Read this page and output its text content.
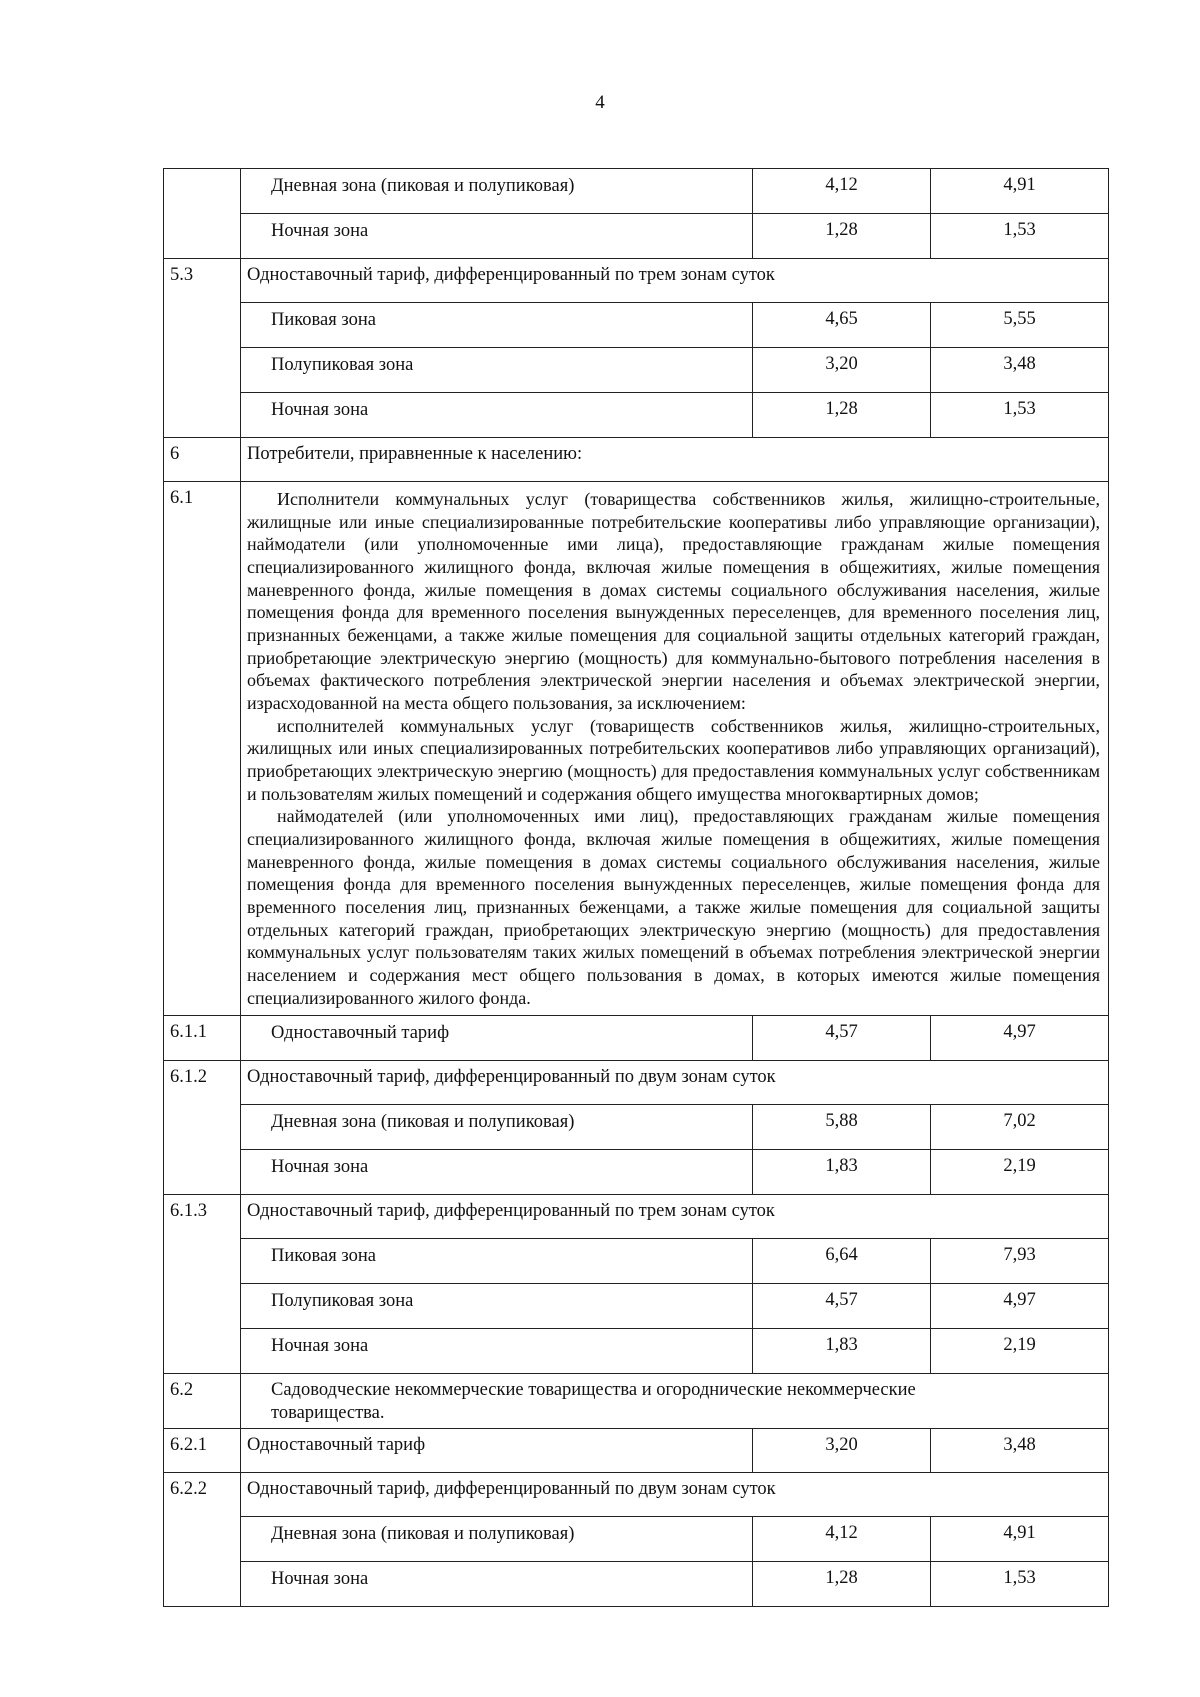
4
	Дневная зона (пиковая и полупиковая)	4,12	4,91
	Ночная зона	1,28	1,53
5.3	Одноставочный тариф, дифференцированный по трем зонам суток		
	Пиковая зона	4,65	5,55
	Полупиковая зона	3,20	3,48
	Ночная зона	1,28	1,53
6	Потребители, приравненные к населению:		
6.1	Исполнители коммунальных услуг (товарищества собственников жилья, жилищно-строительные, жилищные или иные специализированные потребительские кооперативы либо управляющие организации), наймодатели (или уполномоченные ими лица), предоставляющие гражданам жилые помещения специализированного жилищного фонда, включая жилые помещения в общежитиях, жилые помещения маневренного фонда, жилые помещения в домах системы социального обслуживания населения, жилые помещения фонда для временного поселения вынужденных переселенцев, для временного поселения лиц, признанных беженцами, а также жилые помещения для социальной защиты отдельных категорий граждан, приобретающие электрическую энергию (мощность) для коммунально-бытового потребления населения в объемах фактического потребления электрической энергии населения и объемах электрической энергии, израсходованной на места общего пользования, за исключением:

исполнителей коммунальных услуг (товариществ собственников жилья, жилищно-строительных, жилищных или иных специализированных потребительских кооперативов либо управляющих организаций), приобретающих электрическую энергию (мощность) для предоставления коммунальных услуг собственникам и пользователям жилых помещений и содержания общего имущества многоквартирных домов;

наймодателей (или уполномоченных ими лиц), предоставляющих гражданам жилые помещения специализированного жилищного фонда, включая жилые помещения в общежитиях, жилые помещения маневренного фонда, жилые помещения в домах системы социального обслуживания населения, жилые помещения фонда для временного поселения вынужденных переселенцев, жилые помещения фонда для временного поселения лиц, признанных беженцами, а также жилые помещения для социальной защиты отдельных категорий граждан, приобретающих электрическую энергию (мощность) для предоставления коммунальных услуг пользователям таких жилых помещений в объемах потребления электрической энергии населением и содержания мест общего пользования в домах, в которых имеются жилые помещения специализированного жилого фонда.		

6.1.1	Одноставочный тариф	4,57	4,97
6.1.2	Одноставочный тариф, дифференцированный по двум зонам суток		
	Дневная зона (пиковая и полупиковая)	5,88	7,02
	Ночная зона	1,83	2,19
6.1.3	Одноставочный тариф, дифференцированный по трем зонам суток		
	Пиковая зона	6,64	7,93
	Полупиковая зона	4,57	4,97
	Ночная зона	1,83	2,19
6.2	Садоводческие некоммерческие товарищества и огороднические некоммерческие товарищества.		
6.2.1	Одноставочный тариф	3,20	3,48
6.2.2	Одноставочный тариф, дифференцированный по двум зонам суток		
	Дневная зона (пиковая и полупиковая)	4,12	4,91
	Ночная зона	1,28	1,53
